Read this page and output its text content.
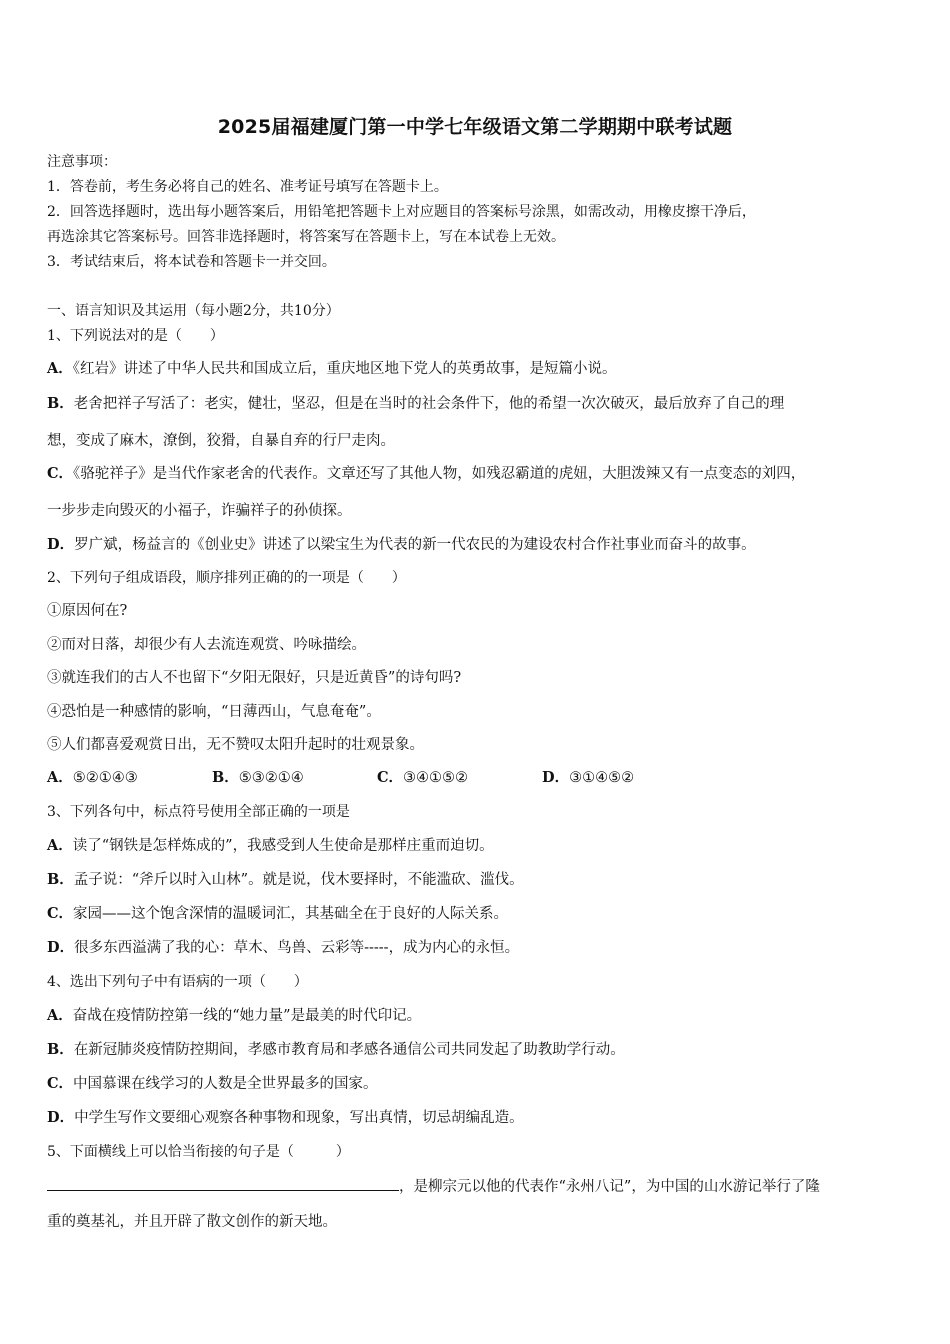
2025届福建厦门第一中学七年级语文第二学期期中联考试题
注意事项：
1．答卷前，考生务必将自己的姓名、准考证号填写在答题卡上。
2．回答选择题时，选出每小题答案后，用铅笔把答题卡上对应题目的答案标号涂黑，如需改动，用橡皮擦干净后，
再选涂其它答案标号。回答非选择题时，将答案写在答题卡上，写在本试卷上无效。
3．考试结束后，将本试卷和答题卡一并交回。
一、语言知识及其运用（每小题2分，共10分）
1、下列说法对的是（　　）
A．《红岩》讲述了中华人民共和国成立后，重庆地区地下党人的英勇故事，是短篇小说。
B．老舍把祥子写活了：老实，健壮，坚忍，但是在当时的社会条件下，他的希望一次次破灭，最后放弃了自己的理
想，变成了麻木，潦倒，狡猾，自暴自弃的行尸走肉。
C．《骆驼祥子》是当代作家老舍的代表作。文章还写了其他人物，如残忍霸道的虎妞，大胆泼辣又有一点变态的刘四，
一步步走向毁灭的小福子，诈骗祥子的孙侦探。
D．罗广斌，杨益言的《创业史》讲述了以梁宝生为代表的新一代农民的为建设农村合作社事业而奋斗的故事。
2、下列句子组成语段，顺序排列正确的的一项是（　　）
①原因何在?
②而对日落，却很少有人去流连观赏、吟咏描绘。
③就连我们的古人不也留下“夕阳无限好，只是近黄昏”的诗句吗?
④恐怕是一种感情的影响，“日薄西山，气息奄奄”。
⑤人们都喜爱观赏日出，无不赞叹太阳升起时的壮观景象。
A．⑤②①④③	B．⑤③②①④	C．③④①⑤②	D．③①④⑤②
3、下列各句中，标点符号使用全部正确的一项是
A．读了“钢铁是怎样炼成的”，我感受到人生使命是那样庄重而迫切。
B．孟子说：“斧斤以时入山林”。就是说，伐木要择时，不能滥砍、滥伐。
C．家园——这个饱含深情的温暖词汇，其基础全在于良好的人际关系。
D．很多东西溢满了我的心：草木、鸟兽、云彩等-----，成为内心的永恒。
4、选出下列句子中有语病的一项（　　）
A．奋战在疫情防控第一线的“她力量”是最美的时代印记。
B．在新冠肺炎疫情防控期间，孝感市教育局和孝感各通信公司共同发起了助教助学行动。
C．中国慕课在线学习的人数是全世界最多的国家。
D．中学生写作文要细心观察各种事物和现象，写出真情，切忌胡编乱造。
5、下面横线上可以恰当衔接的句子是（　　　）
，是柳宗元以他的代表作“永州八记”，为中国的山水游记举行了隆
重的奠基礼，并且开辟了散文创作的新天地。
